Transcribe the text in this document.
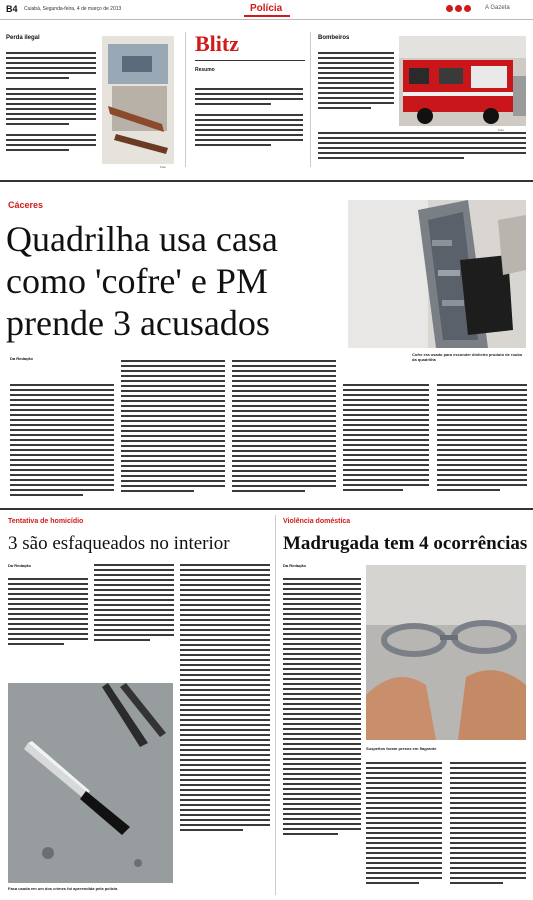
B4 Cuiabá, Segunda-feira, 4 de março de 2013	Polícia	A Gazeta
Perda ilegal
Foto
Blitz
Resumo
Bombeiros
Foto
Cáceres
Quadrilha usa casa
como 'cofre' e PM
prende 3 acusados
Cofre era usado para esconder dinheiro produto de roubo da quadrilha
Da Redação
Tentativa de homicídio
3 são esfaqueados no interior
Da Redação
Faca usada em um dos crimes foi apreendida pela polícia
Violência doméstica
Madrugada tem 4 ocorrências
Da Redação
Suspeitos foram presos em flagrante
